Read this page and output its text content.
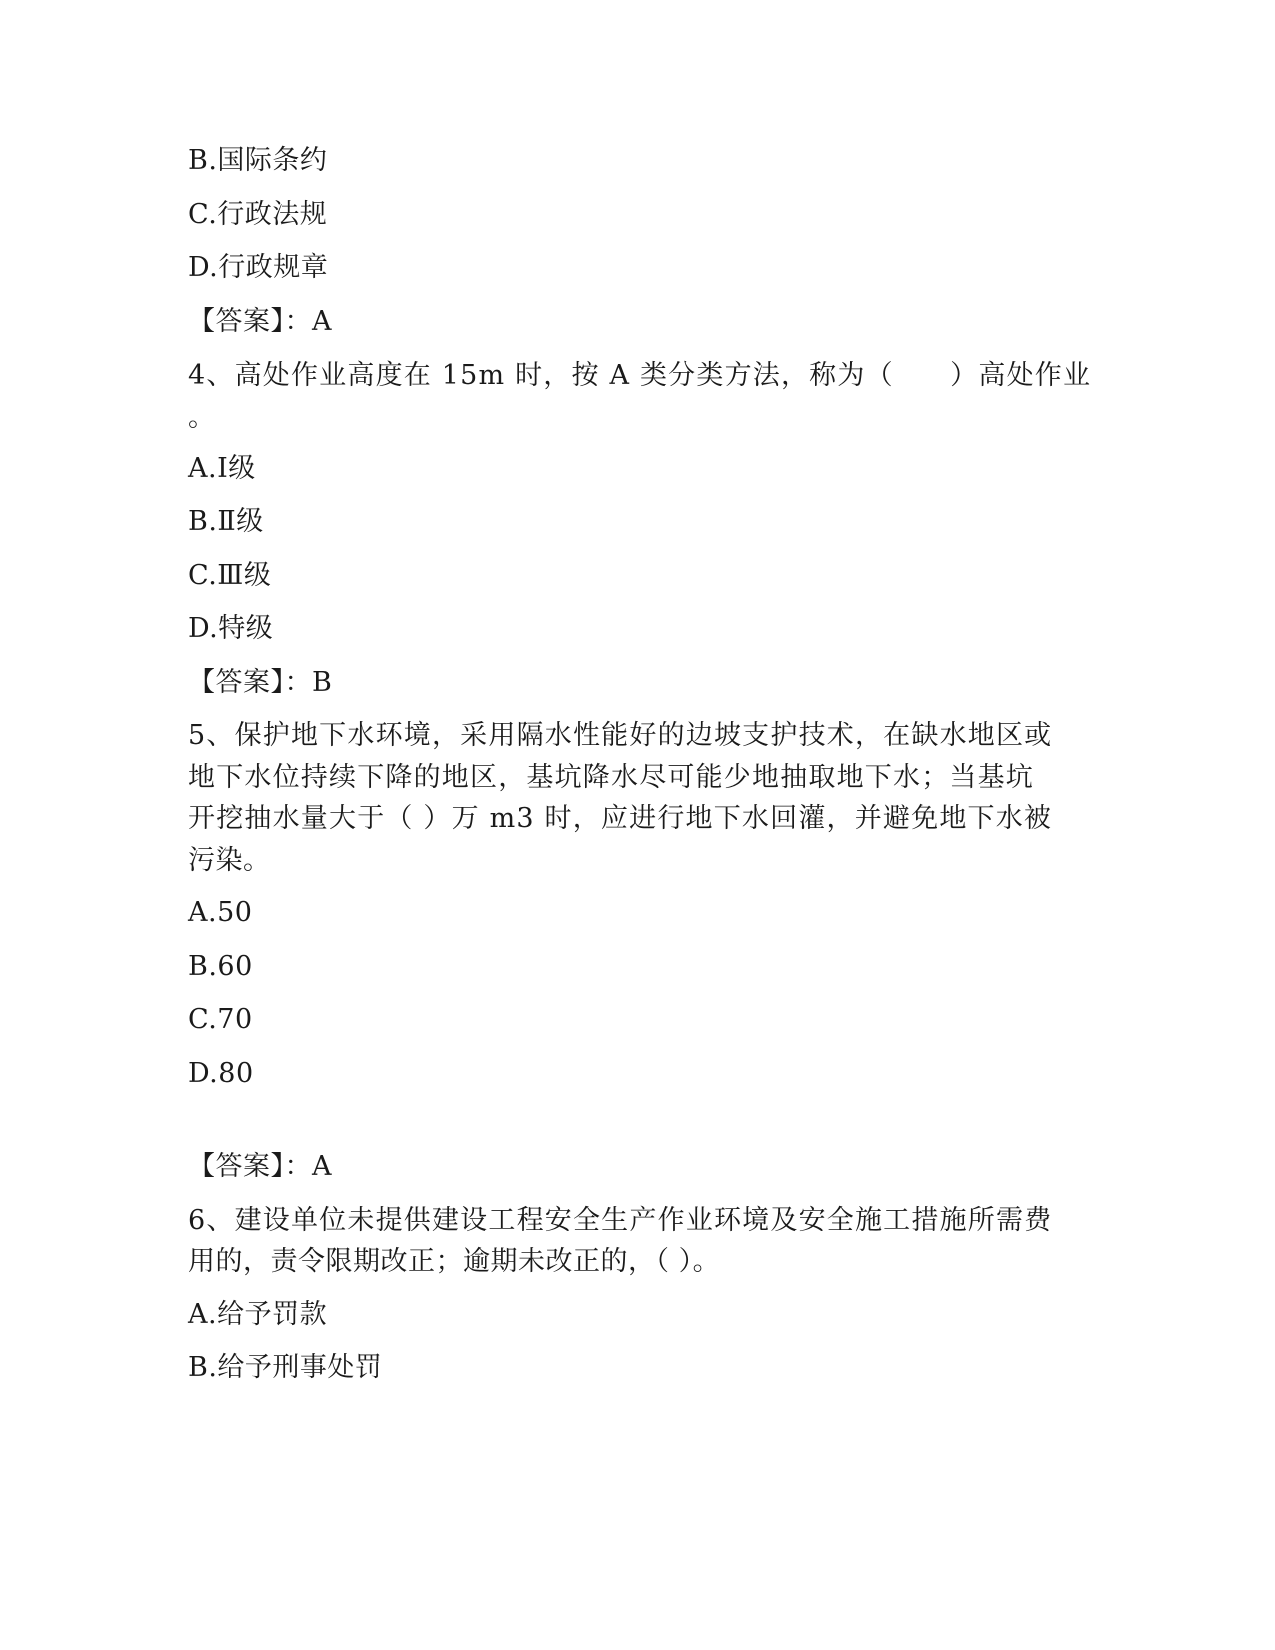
B.国际条约
C.行政法规
D.行政规章
【答案】：A
4、高处作业高度在 15m 时，按 A 类分类方法，称为（　　）高处作业
。
A.Ⅰ级
B.Ⅱ级
C.Ⅲ级
D.特级
【答案】：B
5、保护地下水环境，采用隔水性能好的边坡支护技术，在缺水地区或
地下水位持续下降的地区，基坑降水尽可能少地抽取地下水；当基坑
开挖抽水量大于（ ）万 m3 时，应进行地下水回灌，并避免地下水被
污染。
A.50
B.60
C.70
D.80
【答案】：A
6、建设单位未提供建设工程安全生产作业环境及安全施工措施所需费
用的，责令限期改正；逾期未改正的，（ ）。
A.给予罚款
B.给予刑事处罚
